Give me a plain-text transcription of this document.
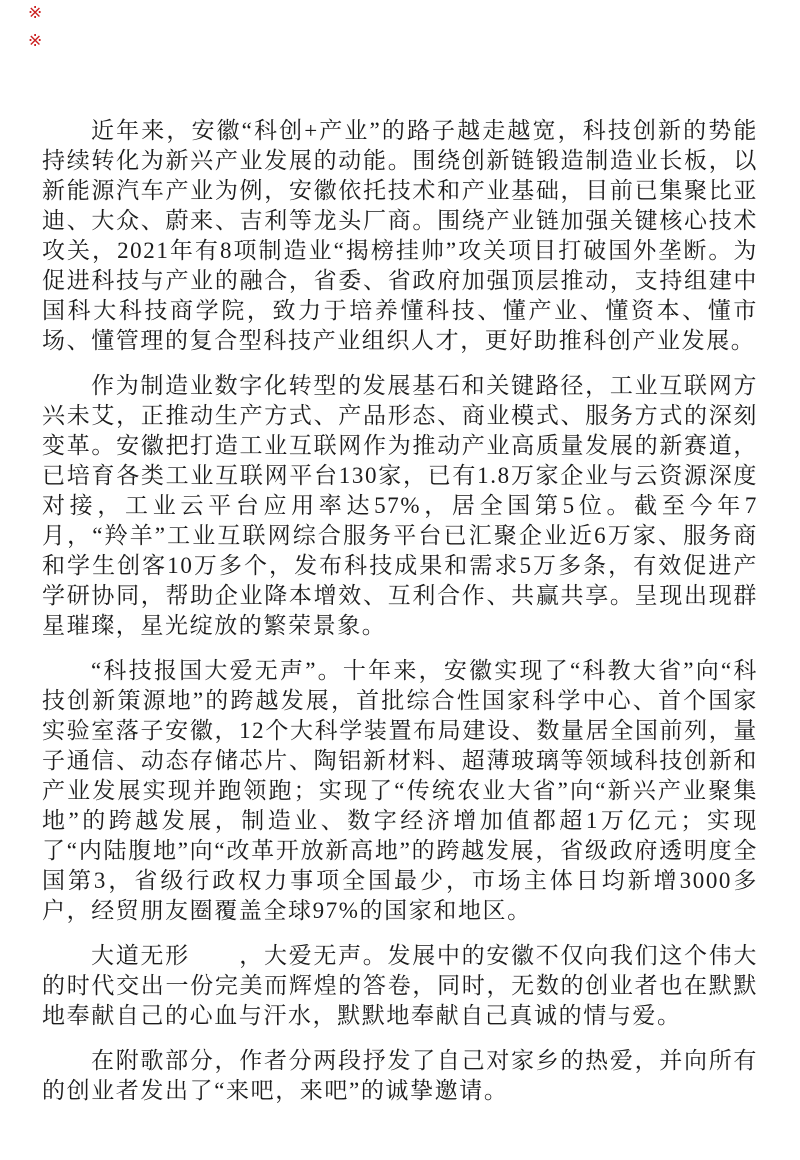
※
※

近年来，安徽“科创+产业”的路子越走越宽，科技创新的势能持续转化为新兴产业发展的动能。围绕创新链锻造制造业长板，以新能源汽车产业为例，安徽依托技术和产业基础，目前已集聚比亚迪、大众、蔚来、吉利等龙头厂商。围绕产业链加强关键核心技术攻关，2021年有8项制造业“揭榜挂帅”攻关项目打破国外垄断。为促进科技与产业的融合，省委、省政府加强顶层推动，支持组建中国科大科技商学院，致力于培养懂科技、懂产业、懂资本、懂市场、懂管理的复合型科技产业组织人才，更好助推科创产业发展。

作为制造业数字化转型的发展基石和关键路径，工业互联网方兴未艾，正推动生产方式、产品形态、商业模式、服务方式的深刻变革。安徽把打造工业互联网作为推动产业高质量发展的新赛道，已培育各类工业互联网平台130家，已有1.8万家企业与云资源深度对接，工业云平台应用率达57%，居全国第5位。截至今年7月，“羚羊”工业互联网综合服务平台已汇聚企业近6万家、服务商和学生创客10万多个，发布科技成果和需求5万多条，有效促进产学研协同，帮助企业降本增效、互利合作、共赢共享。呈现出现群星璀璨，星光绽放的繁荣景象。

“科技报国大爱无声”。十年来，安徽实现了“科教大省”向“科技创新策源地”的跨越发展，首批综合性国家科学中心、首个国家实验室落子安徽，12个大科学装置布局建设、数量居全国前列，量子通信、动态存储芯片、陶铝新材料、超薄玻璃等领域科技创新和产业发展实现并跑领跑；实现了“传统农业大省”向“新兴产业聚集地”的跨越发展，制造业、数字经济增加值都超1万亿元；实现了“内陆腹地”向“改革开放新高地”的跨越发展，省级政府透明度全国第3，省级行政权力事项全国最少，市场主体日均新增3000多户，经贸朋友圈覆盖全球97%的国家和地区。

大道无形　　，大爱无声。发展中的安徽不仅向我们这个伟大的时代交出一份完美而辉煌的答卷，同时，无数的创业者也在默默地奉献自己的心血与汗水，默默地奉献自己真诚的情与爱。

在附歌部分，作者分两段抒发了自己对家乡的热爱，并向所有的创业者发出了“来吧，来吧”的诚挚邀请。
